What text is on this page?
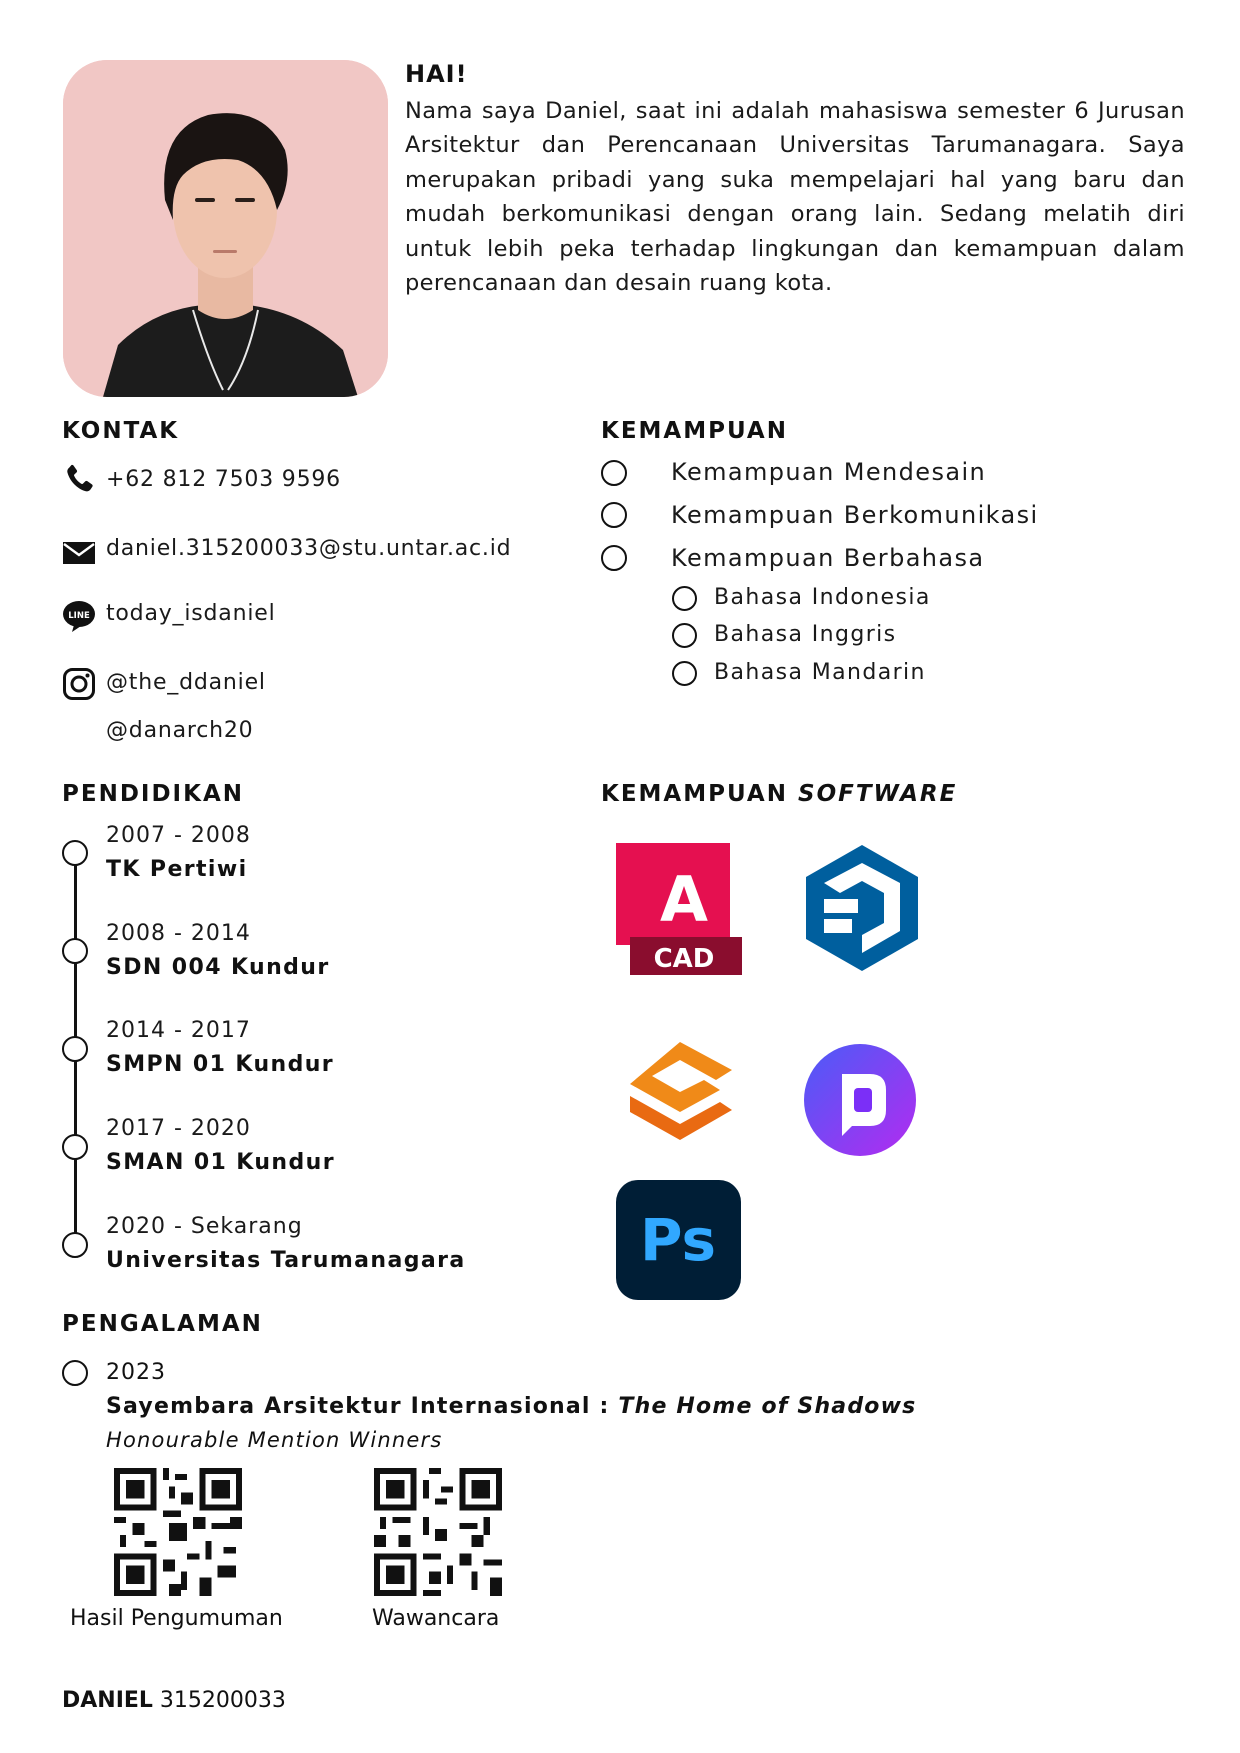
HAI!

Nama saya Daniel, saat ini adalah mahasiswa semester 6 Jurusan Arsitektur dan Perencanaan Universitas Tarumanagara. Saya merupakan pribadi yang suka mempelajari hal yang baru dan mudah berkomunikasi dengan orang lain. Sedang melatih diri untuk lebih peka terhadap lingkungan dan kemampuan dalam perencanaan dan desain ruang kota.

KONTAK
+62 812 7503 9596
daniel.315200033@stu.untar.ac.id
LINE today_isdaniel
@the_ddaniel
@danarch20
KEMAMPUAN
Kemampuan Mendesain
Kemampuan Berkomunikasi
Kemampuan Berbahasa
Bahasa Indonesia
Bahasa Inggris
Bahasa Mandarin
PENDIDIKAN
2007 - 2008
TK Pertiwi
2008 - 2014
SDN 004 Kundur
2014 - 2017
SMPN 01 Kundur
2017 - 2020
SMAN 01 Kundur
2020 - Sekarang
Universitas Tarumanagara
KEMAMPUAN SOFTWARE
A
CAD
Ps
PENGALAMAN
2023
Sayembara Arsitektur Internasional : The Home of Shadows
Honourable Mention Winners
Hasil Pengumuman	Wawancara
DANIEL 315200033
